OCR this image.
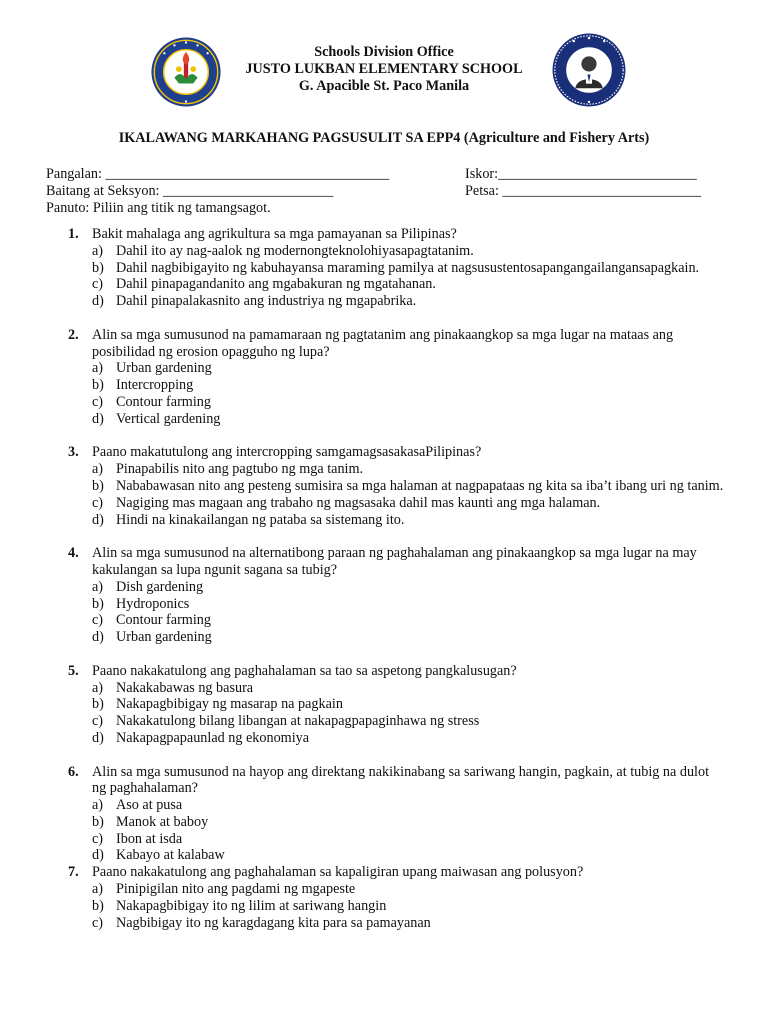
Schools Division Office
JUSTO LUKBAN ELEMENTARY SCHOOL
G. Apacible St. Paco Manila
IKALAWANG MARKAHANG PAGSUSULIT SA EPP4 (Agriculture and Fishery Arts)
Pangalan: ________________________________________	Iskor:____________________________
Baitang at Seksyon: ________________________	Petsa: ____________________________
Panuto: Piliin ang titik ng tamangsagot.
1. Bakit mahalaga ang agrikultura sa mga pamayanan sa Pilipinas?
a) Dahil ito ay nag-aalok ng modernongteknolohiyasapagtatanim.
b) Dahil nagbibigayito ng kabuhayansa maraming pamilya at nagsusustentosapangangailangansapagkain.
c) Dahil pinapagandanito ang mgabakuran ng mgatahanan.
d) Dahil pinapalakasnito ang industriya ng mgapabrika.
2. Alin sa mga sumusunod na pamamaraan ng pagtatanim ang pinakaangkop sa mga lugar na mataas ang posibilidad ng erosion opagguho ng lupa?
a) Urban gardening
b) Intercropping
c) Contour farming
d) Vertical gardening
3. Paano makatutulong ang intercropping samgamagsasakasaPilipinas?
a) Pinapabilis nito ang pagtubo ng mga tanim.
b) Nababawasan nito ang pesteng sumisira sa mga halaman at nagpapataas ng kita sa iba’t ibang uri ng tanim.
c) Nagiging mas magaan ang trabaho ng magsasaka dahil mas kaunti ang mga halaman.
d) Hindi na kinakailangan ng pataba sa sistemang ito.
4. Alin sa mga sumusunod na alternatibong paraan ng paghahalaman ang pinakaangkop sa mga lugar na may kakulangan sa lupa ngunit sagana sa tubig?
a) Dish gardening
b) Hydroponics
c) Contour farming
d) Urban gardening
5. Paano nakakatulong ang paghahalaman sa tao sa aspetong pangkalusugan?
a) Nakakabawas ng basura
b) Nakapagbibigay ng masarap na pagkain
c) Nakakatulong bilang libangan at nakapagpapaginhawa ng stress
d) Nakapagpapaunlad ng ekonomiya
6. Alin sa mga sumusunod na hayop ang direktang nakikinabang sa sariwang hangin, pagkain, at tubig na dulot ng paghahalaman?
a) Aso at pusa
b) Manok at baboy
c) Ibon at isda
d) Kabayo at kalabaw
7. Paano nakakatulong ang paghahalaman sa kapaligiran upang maiwasan ang polusyon?
a) Pinipigilan nito ang pagdami ng mgapeste
b) Nakapagbibigay ito ng lilim at sariwang hangin
c) Nagbibigay ito ng karagdagang kita para sa pamayanan
